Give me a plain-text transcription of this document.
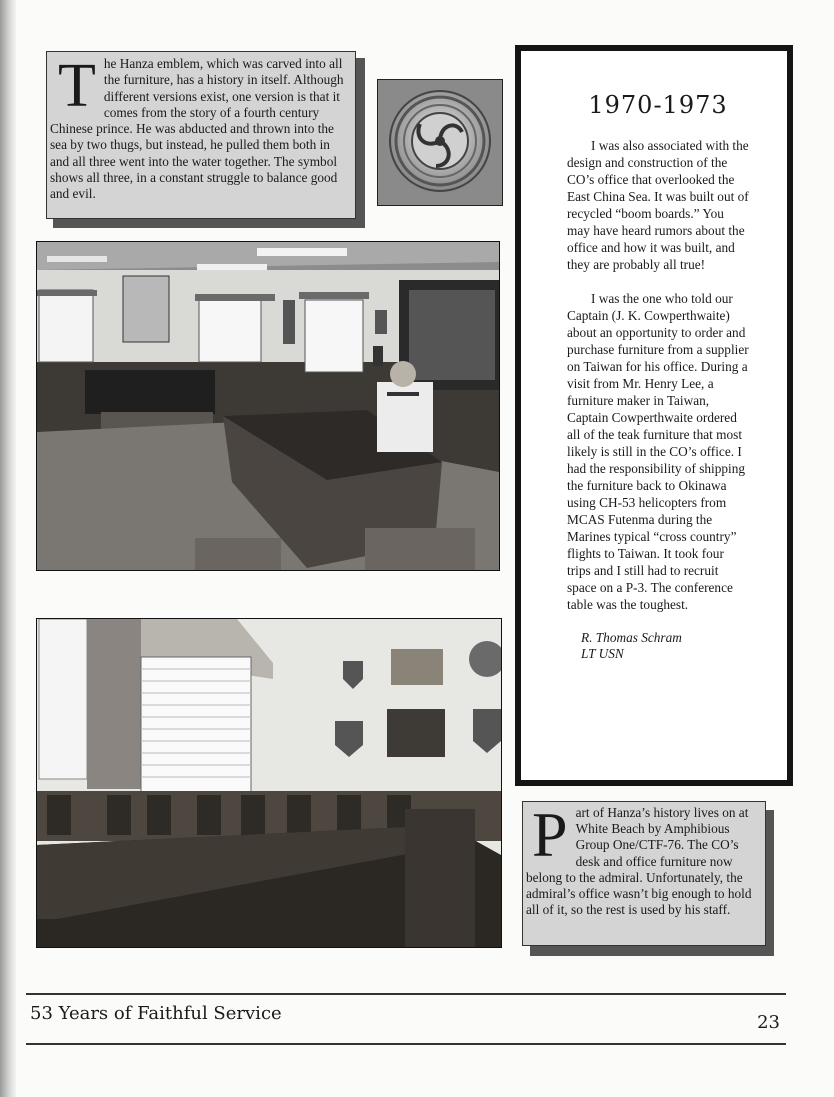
The Hanza emblem, which was carved into all the furniture, has a history in itself. Although different versions exist, one version is that it comes from the story of a fourth century Chinese prince. He was abducted and thrown into the sea by two thugs, but instead, he pulled them both in and all three went into the water together. The symbol shows all three, in a constant struggle to balance good and evil.
1970-1973

I was also associated with the design and construction of the CO’s office that overlooked the East China Sea. It was built out of recycled “boom boards.” You may have heard rumors about the office and how it was built, and they are probably all true!

I was the one who told our Captain (J. K. Cowperthwaite) about an opportunity to order and purchase furniture from a supplier on Taiwan for his office. During a visit from Mr. Henry Lee, a furniture maker in Taiwan, Captain Cowperthwaite ordered all of the teak furniture that most likely is still in the CO’s office. I had the responsibility of shipping the furniture back to Okinawa using CH-53 helicopters from MCAS Futenma during the Marines typical “cross country” flights to Taiwan. It took four trips and I still had to recruit space on a P-3. The conference table was the toughest.

R. Thomas Schram
LT USN
Part of Hanza’s history lives on at White Beach by Amphibious Group One/CTF-76. The CO’s desk and office furniture now belong to the admiral. Unfortunately, the admiral’s office wasn’t big enough to hold all of it, so the rest is used by his staff.
53 Years of Faithful Service	23
